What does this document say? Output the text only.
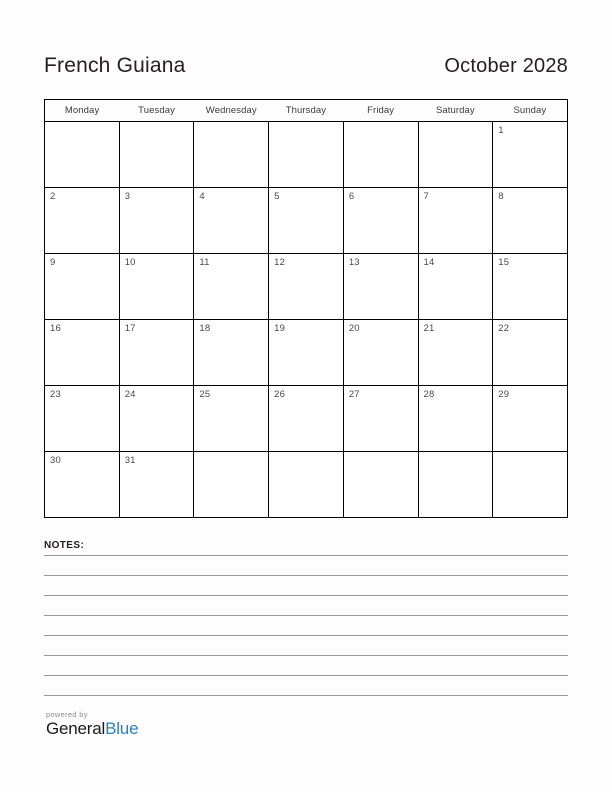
French Guiana	October 2028
Monday	Tuesday	Wednesday	Thursday	Friday	Saturday	Sunday

						1

2	3	4	5	6	7	8

9	10	11	12	13	14	15

16	17	18	19	20	21	22

23	24	25	26	27	28	29

30	31					

NOTES:
powered by
GeneralBlue
